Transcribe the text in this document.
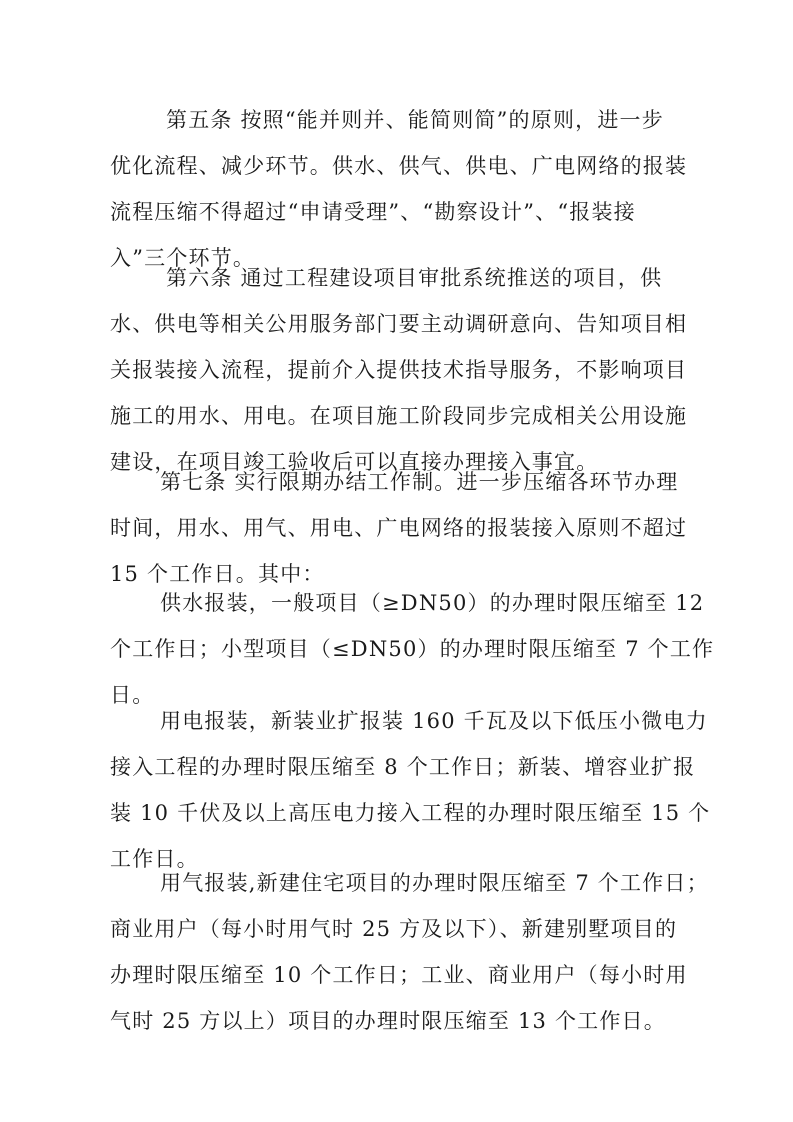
第五条 按照“能并则并、能简则简”的原则，进一步
优化流程、减少环节。供水、供气、供电、广电网络的报装
流程压缩不得超过“申请受理”、“勘察设计”、“报装接
入”三个环节。
第六条 通过工程建设项目审批系统推送的项目，供
水、供电等相关公用服务部门要主动调研意向、告知项目相
关报装接入流程，提前介入提供技术指导服务，不影响项目
施工的用水、用电。在项目施工阶段同步完成相关公用设施
建设，在项目竣工验收后可以直接办理接入事宜。
第七条 实行限期办结工作制。进一步压缩各环节办理
时间，用水、用气、用电、广电网络的报装接入原则不超过
15 个工作日。其中：
供水报装，一般项目（≥DN50）的办理时限压缩至 12
个工作日；小型项目（≤DN50）的办理时限压缩至 7 个工作
日。
用电报装，新装业扩报装 160 千瓦及以下低压小微电力
接入工程的办理时限压缩至 8 个工作日；新装、增容业扩报
装 10 千伏及以上高压电力接入工程的办理时限压缩至 15 个
工作日。
用气报装,新建住宅项目的办理时限压缩至 7 个工作日；
商业用户（每小时用气时 25 方及以下）、新建别墅项目的
办理时限压缩至 10 个工作日；工业、商业用户（每小时用
气时 25 方以上）项目的办理时限压缩至 13 个工作日。
